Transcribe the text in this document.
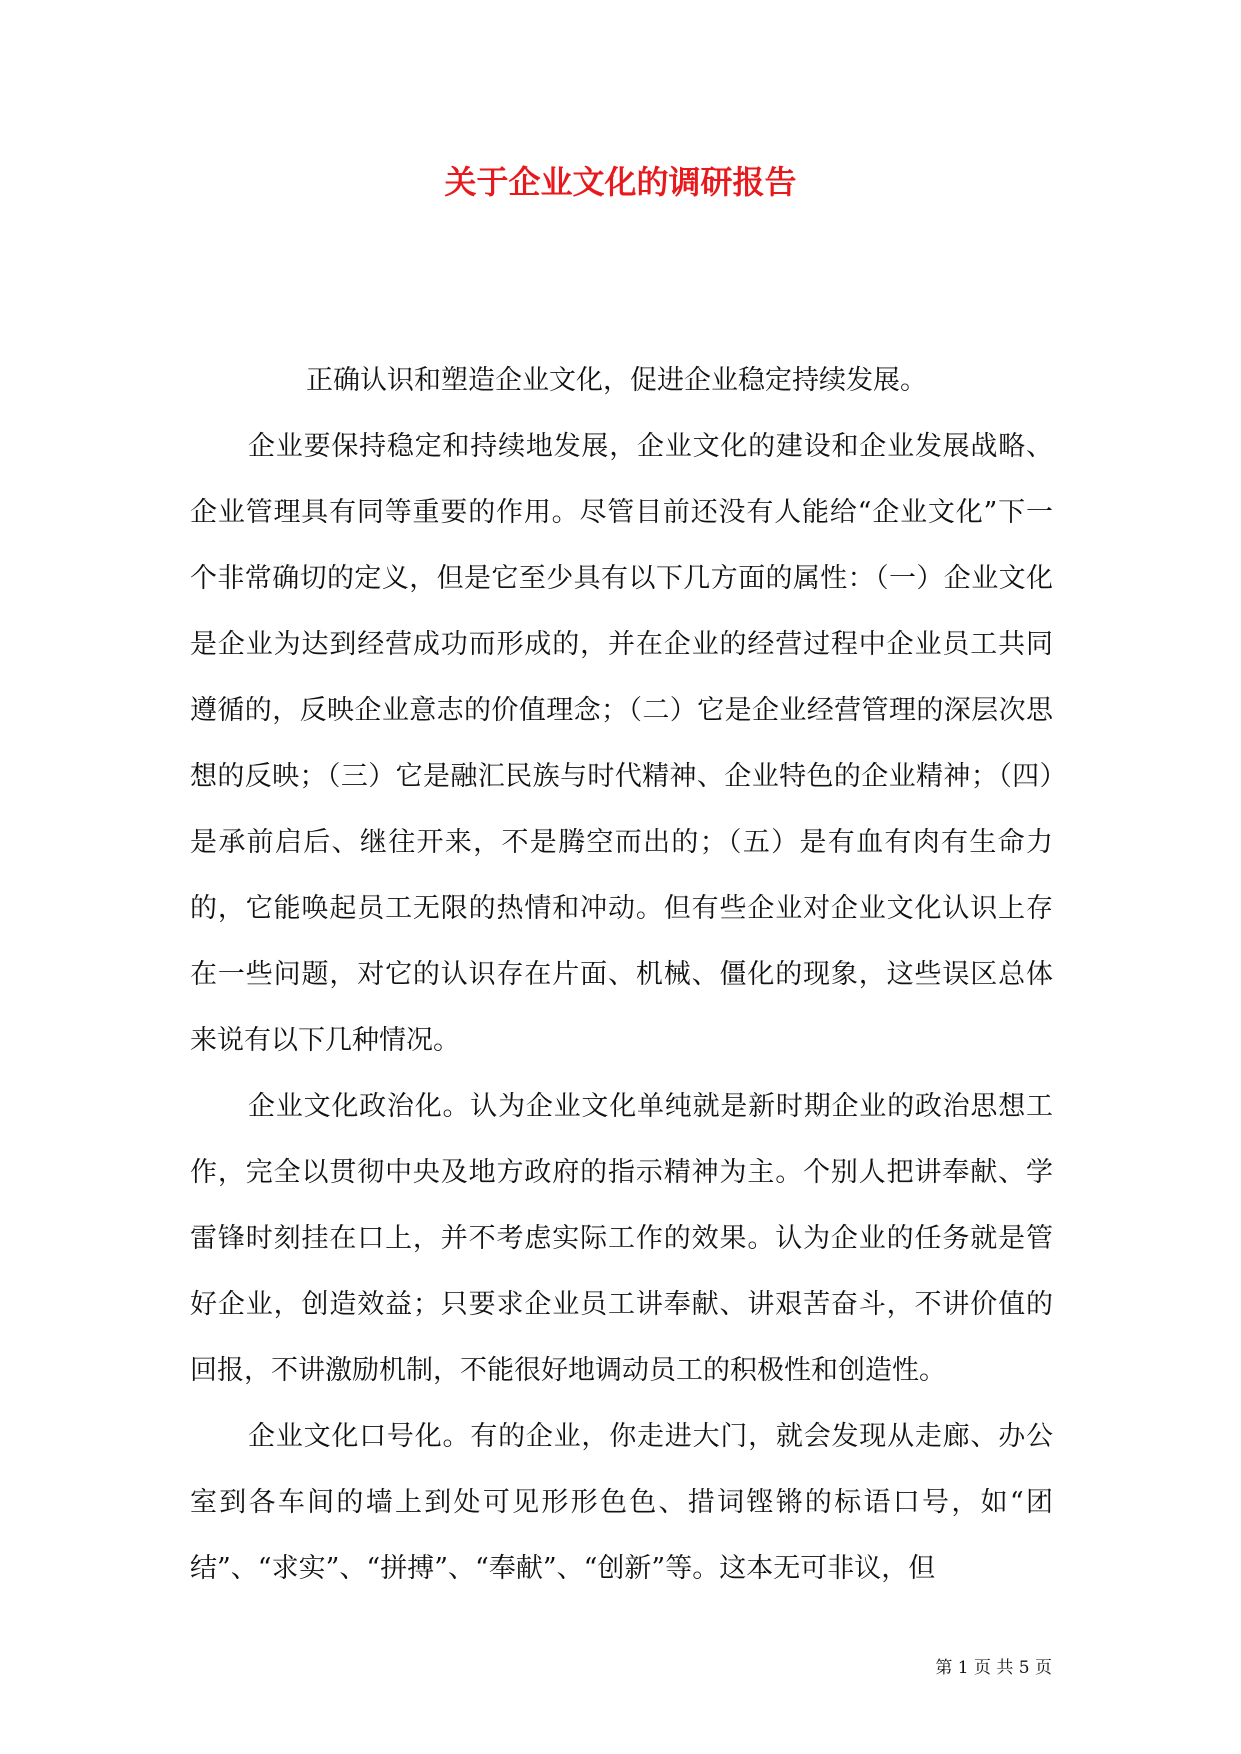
关于企业文化的调研报告

正确认识和塑造企业文化，促进企业稳定持续发展。

企业要保持稳定和持续地发展，企业文化的建设和企业发展战略、企业管理具有同等重要的作用。尽管目前还没有人能给“企业文化”下一个非常确切的定义，但是它至少具有以下几方面的属性：（一）企业文化是企业为达到经营成功而形成的，并在企业的经营过程中企业员工共同遵循的，反映企业意志的价值理念；（二）它是企业经营管理的深层次思想的反映；（三）它是融汇民族与时代精神、企业特色的企业精神；（四）是承前启后、继往开来，不是腾空而出的；（五）是有血有肉有生命力的，它能唤起员工无限的热情和冲动。但有些企业对企业文化认识上存在一些问题，对它的认识存在片面、机械、僵化的现象，这些误区总体来说有以下几种情况。

企业文化政治化。认为企业文化单纯就是新时期企业的政治思想工作，完全以贯彻中央及地方政府的指示精神为主。个别人把讲奉献、学雷锋时刻挂在口上，并不考虑实际工作的效果。认为企业的任务就是管好企业，创造效益；只要求企业员工讲奉献、讲艰苦奋斗，不讲价值的回报，不讲激励机制，不能很好地调动员工的积极性和创造性。

企业文化口号化。有的企业，你走进大门，就会发现从走廊、办公室到各车间的墙上到处可见形形色色、措词铿锵的标语口号，如“团结”、“求实”、“拼搏”、“奉献”、“创新”等。这本无可非议，但

第 1 页 共 5 页
